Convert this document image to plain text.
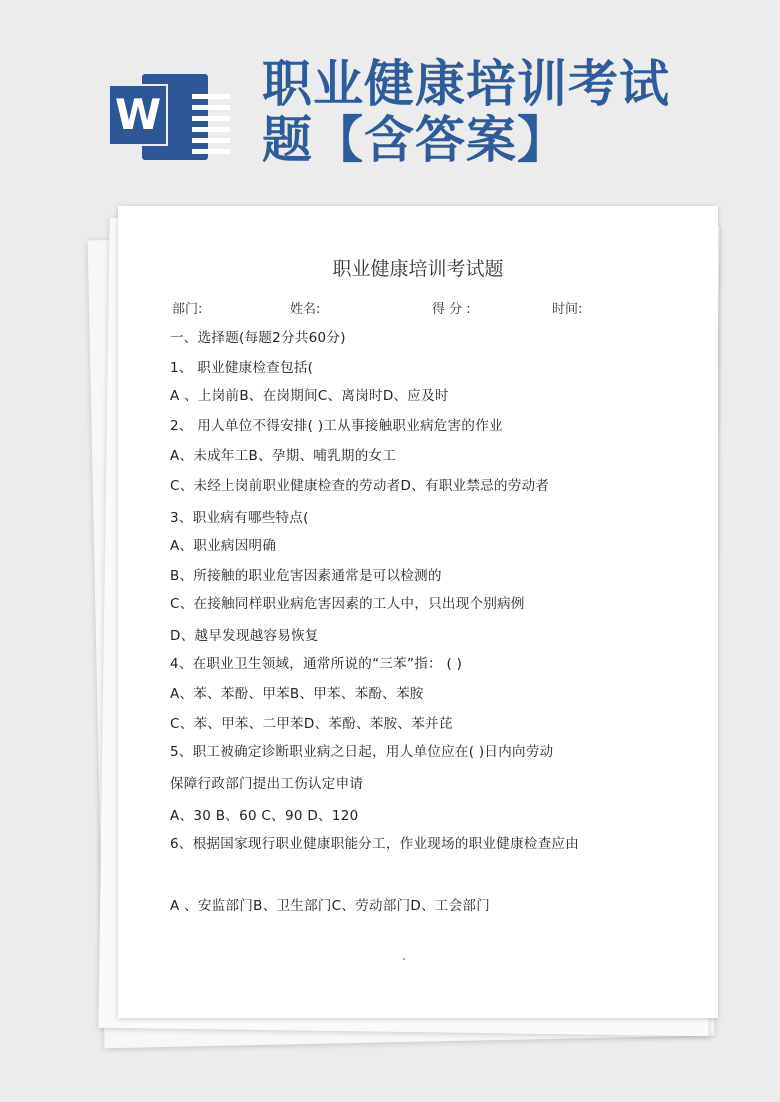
W
职业健康培训考试题【含答案】
职业健康培训考试题
部门:	姓名:	得 分 :	时间:
一、选择题(每题2分共60分)
1、 职业健康检查包括(
A 、上岗前B、在岗期间C、离岗时D、应及时
2、 用人单位不得安排( )工从事接触职业病危害的作业
A、未成年工B、孕期、哺乳期的女工
C、未经上岗前职业健康检查的劳动者D、有职业禁忌的劳动者
3、职业病有哪些特点(
A、职业病因明确
B、所接触的职业危害因素通常是可以检测的
C、在接触同样职业病危害因素的工人中，只出现个别病例
D、越早发现越容易恢复
4、在职业卫生领域，通常所说的“三苯”指： ( )
A、苯、苯酚、甲苯B、甲苯、苯酚、苯胺
C、苯、甲苯、二甲苯D、苯酚、苯胺、苯并芘
5、职工被确定诊断职业病之日起，用人单位应在( )日内向劳动
保障行政部门提出工伤认定申请
A、30 B、60 C、90 D、120
6、根据国家现行职业健康职能分工，作业现场的职业健康检查应由
A 、安监部门B、卫生部门C、劳动部门D、工会部门
